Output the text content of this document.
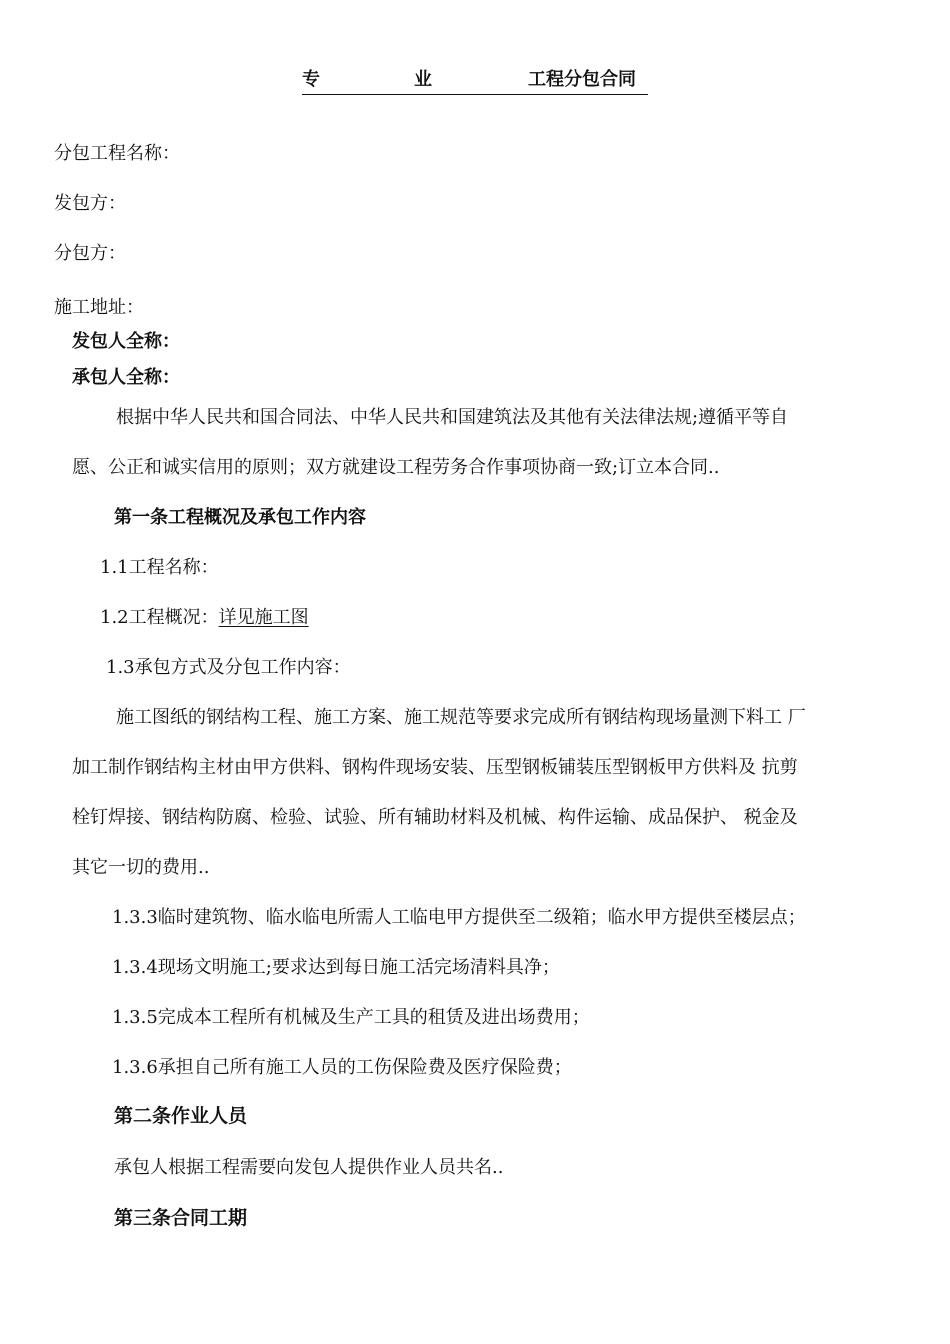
专	业	工程分包合同
分包工程名称：
发包方：
分包方：
施工地址：
发包人全称：
承包人全称：
根据中华人民共和国合同法、中华人民共和国建筑法及其他有关法律法规;遵循平等自
愿、公正和诚实信用的原则；双方就建设工程劳务合作事项协商一致;订立本合同..
第一条工程概况及承包工作内容
1.1工程名称：
1.2工程概况：详见施工图
1.3承包方式及分包工作内容：
施工图纸的钢结构工程、施工方案、施工规范等要求完成所有钢结构现场量测下料工 厂
加工制作钢结构主材由甲方供料、钢构件现场安装、压型钢板铺装压型钢板甲方供料及 抗剪
栓钉焊接、钢结构防腐、检验、试验、所有辅助材料及机械、构件运输、成品保护、 税金及
其它一切的费用..
1.3.3临时建筑物、临水临电所需人工临电甲方提供至二级箱；临水甲方提供至楼层点；
1.3.4现场文明施工;要求达到每日施工活完场清料具净；
1.3.5完成本工程所有机械及生产工具的租赁及进出场费用；
1.3.6承担自己所有施工人员的工伤保险费及医疗保险费；
第二条作业人员
承包人根据工程需要向发包人提供作业人员共名..
第三条合同工期
